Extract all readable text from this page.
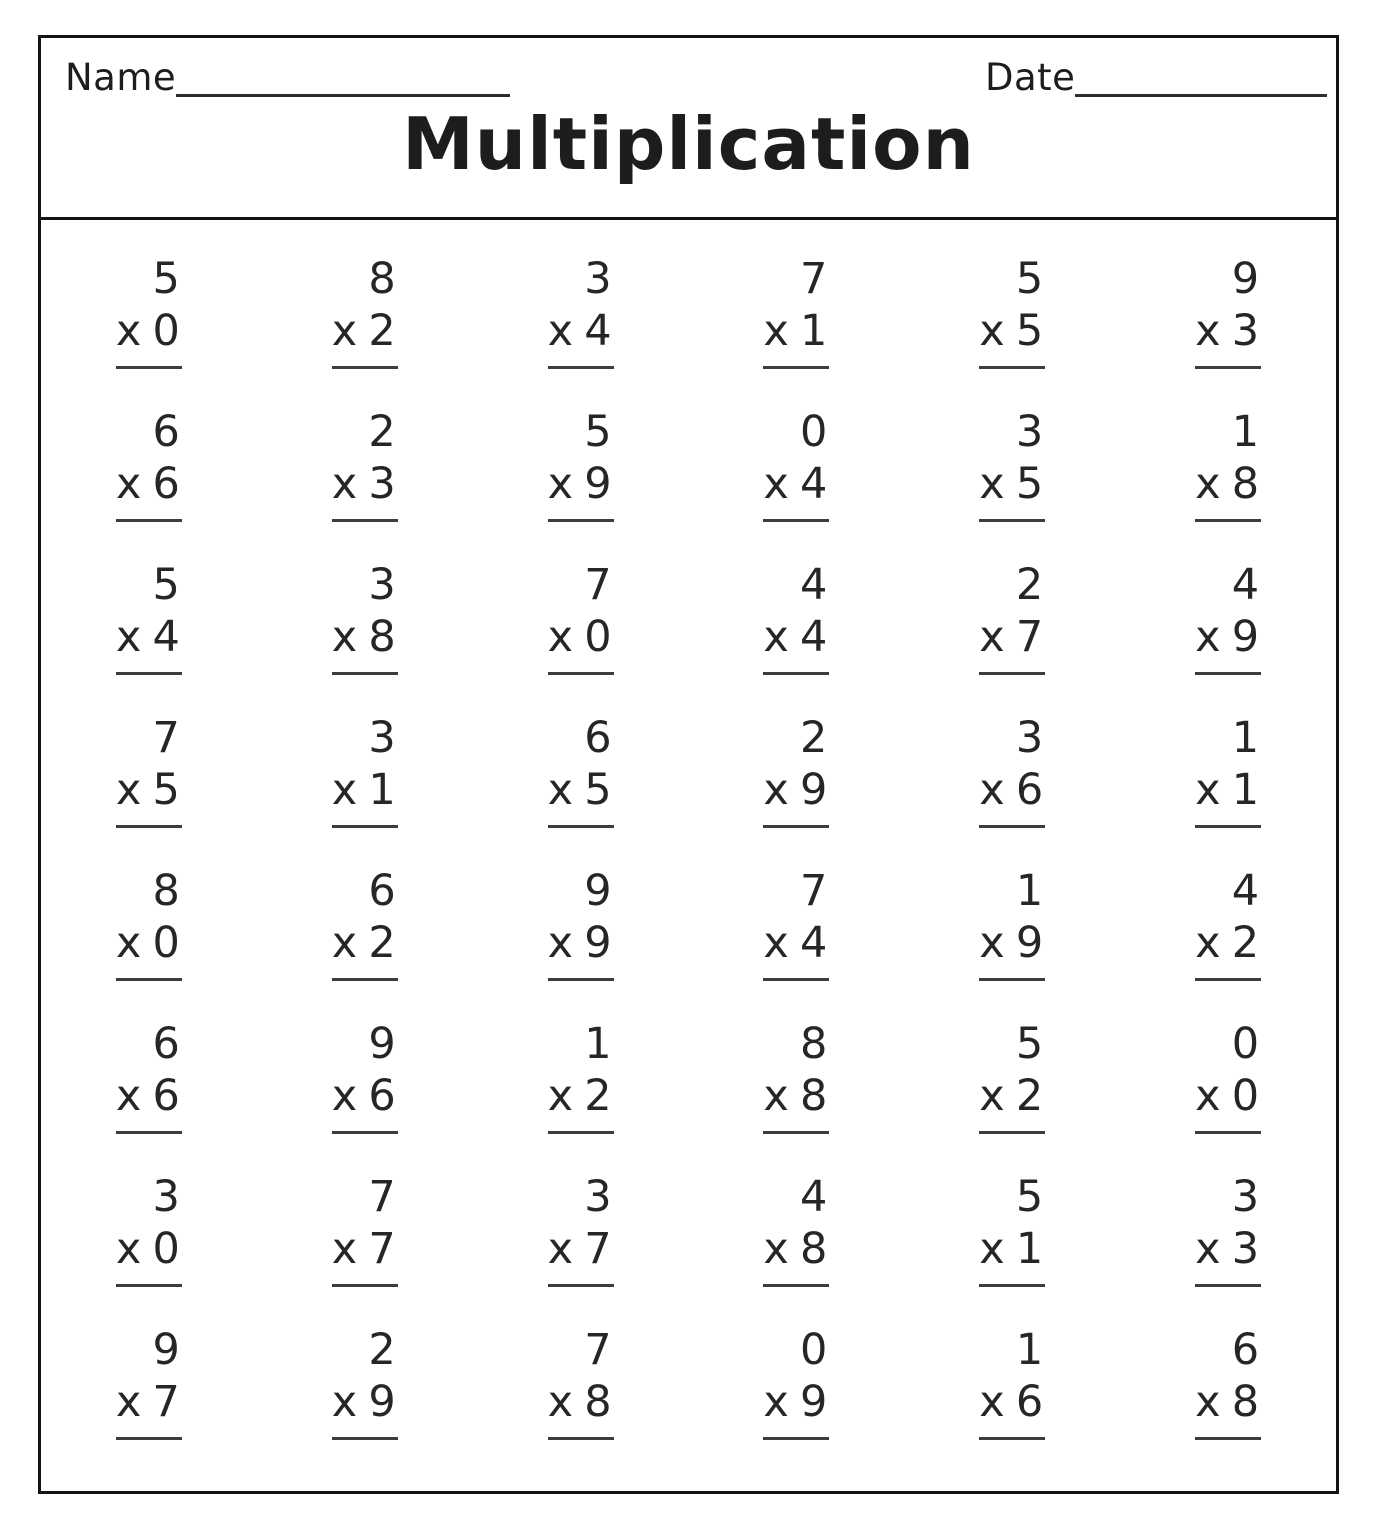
Name	Date
Multiplication
5
x 0
8
x 2
3
x 4
7
x 1
5
x 5
9
x 3
6
x 6
2
x 3
5
x 9
0
x 4
3
x 5
1
x 8
5
x 4
3
x 8
7
x 0
4
x 4
2
x 7
4
x 9
7
x 5
3
x 1
6
x 5
2
x 9
3
x 6
1
x 1
8
x 0
6
x 2
9
x 9
7
x 4
1
x 9
4
x 2
6
x 6
9
x 6
1
x 2
8
x 8
5
x 2
0
x 0
3
x 0
7
x 7
3
x 7
4
x 8
5
x 1
3
x 3
9
x 7
2
x 9
7
x 8
0
x 9
1
x 6
6
x 8
